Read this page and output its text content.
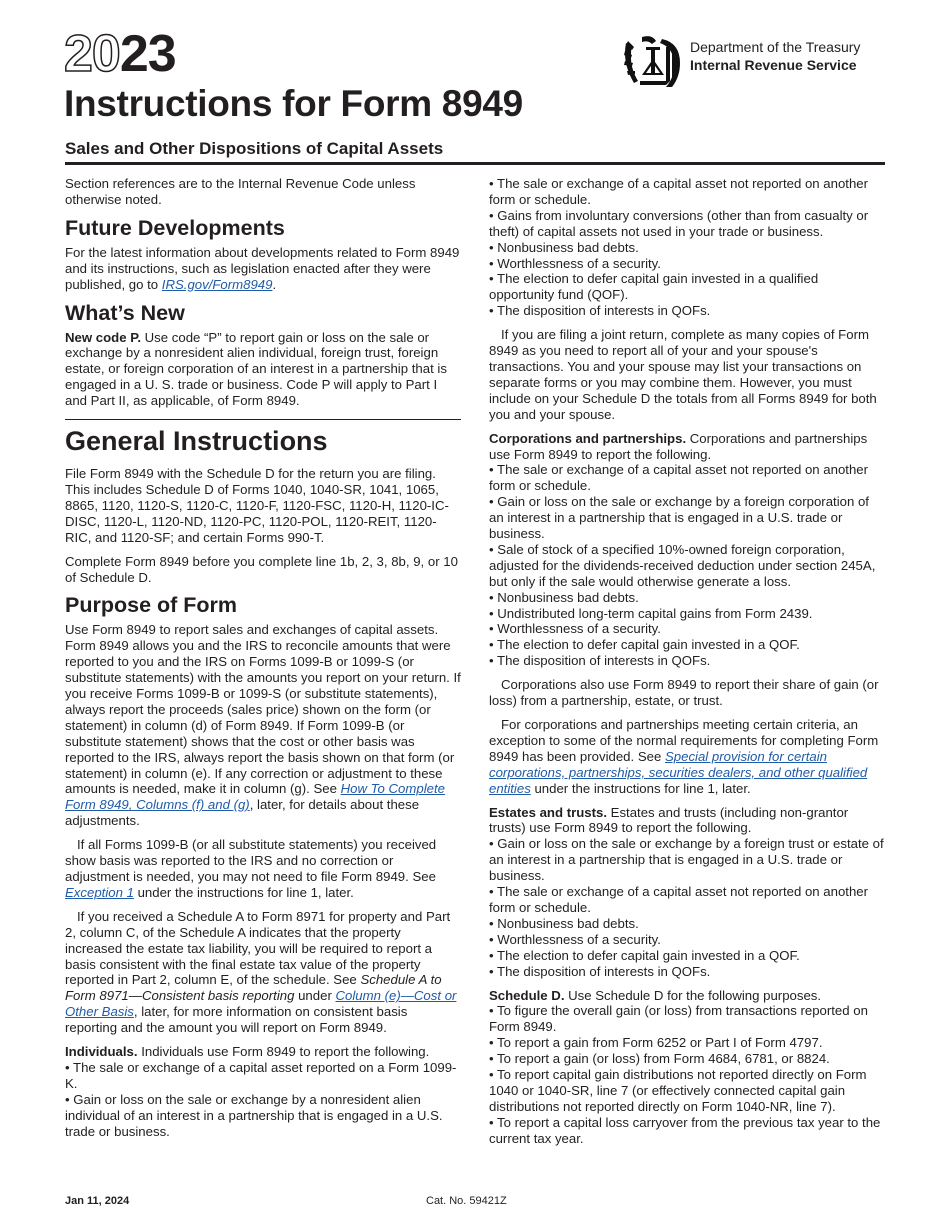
2023
Instructions for Form 8949
Sales and Other Dispositions of Capital Assets
Department of the Treasury
Internal Revenue Service

Section references are to the Internal Revenue Code unless otherwise noted.

Future Developments

For the latest information about developments related to Form 8949 and its instructions, such as legislation enacted after they were published, go to IRS.gov/Form8949.

What’s New

New code P. Use code “P” to report gain or loss on the sale or exchange by a nonresident alien individual, foreign trust, foreign estate, or foreign corporation of an interest in a partnership that is engaged in a U. S. trade or business. Code P will apply to Part I and Part II, as applicable, of Form 8949.

General Instructions

File Form 8949 with the Schedule D for the return you are filing. This includes Schedule D of Forms 1040, 1040-SR, 1041, 1065, 8865, 1120, 1120-S, 1120-C, 1120-F, 1120-FSC, 1120-H, 1120-IC-DISC, 1120-L, 1120-ND, 1120-PC, 1120-POL, 1120-REIT, 1120-RIC, and 1120-SF; and certain Forms 990-T.

Complete Form 8949 before you complete line 1b, 2, 3, 8b, 9, or 10 of Schedule D.

Purpose of Form

Use Form 8949 to report sales and exchanges of capital assets. Form 8949 allows you and the IRS to reconcile amounts that were reported to you and the IRS on Forms 1099-B or 1099-S (or substitute statements) with the amounts you report on your return. If you receive Forms 1099-B or 1099-S (or substitute statements), always report the proceeds (sales price) shown on the form (or statement) in column (d) of Form 8949. If Form 1099-B (or substitute statement) shows that the cost or other basis was reported to the IRS, always report the basis shown on that form (or statement) in column (e). If any correction or adjustment to these amounts is needed, make it in column (g). See How To Complete Form 8949, Columns (f) and (g), later, for details about these adjustments.

If all Forms 1099-B (or all substitute statements) you received show basis was reported to the IRS and no correction or adjustment is needed, you may not need to file Form 8949. See Exception 1 under the instructions for line 1, later.

If you received a Schedule A to Form 8971 for property and Part 2, column C, of the Schedule A indicates that the property increased the estate tax liability, you will be required to report a basis consistent with the final estate tax value of the property reported in Part 2, column E, of the schedule. See Schedule A to Form 8971—Consistent basis reporting under Column (e)—Cost or Other Basis, later, for more information on consistent basis reporting and the amount you will report on Form 8949.

Individuals. Individuals use Form 8949 to report the following.

• The sale or exchange of a capital asset reported on a Form 1099-K.
• Gain or loss on the sale or exchange by a nonresident alien individual of an interest in a partnership that is engaged in a U.S. trade or business.
• The sale or exchange of a capital asset not reported on another form or schedule.
• Gains from involuntary conversions (other than from casualty or theft) of capital assets not used in your trade or business.
• Nonbusiness bad debts.
• Worthlessness of a security.
• The election to defer capital gain invested in a qualified opportunity fund (QOF).
• The disposition of interests in QOFs.

If you are filing a joint return, complete as many copies of Form 8949 as you need to report all of your and your spouse's transactions. You and your spouse may list your transactions on separate forms or you may combine them. However, you must include on your Schedule D the totals from all Forms 8949 for both you and your spouse.

Corporations and partnerships. Corporations and partnerships use Form 8949 to report the following.

• The sale or exchange of a capital asset not reported on another form or schedule.
• Gain or loss on the sale or exchange by a foreign corporation of an interest in a partnership that is engaged in a U.S. trade or business.
• Sale of stock of a specified 10%-owned foreign corporation, adjusted for the dividends-received deduction under section 245A, but only if the sale would otherwise generate a loss.
• Nonbusiness bad debts.
• Undistributed long-term capital gains from Form 2439.
• Worthlessness of a security.
• The election to defer capital gain invested in a QOF.
• The disposition of interests in QOFs.

Corporations also use Form 8949 to report their share of gain (or loss) from a partnership, estate, or trust.

For corporations and partnerships meeting certain criteria, an exception to some of the normal requirements for completing Form 8949 has been provided. See Special provision for certain corporations, partnerships, securities dealers, and other qualified entities under the instructions for line 1, later.

Estates and trusts. Estates and trusts (including non-grantor trusts) use Form 8949 to report the following.

• Gain or loss on the sale or exchange by a foreign trust or estate of an interest in a partnership that is engaged in a U.S. trade or business.
• The sale or exchange of a capital asset not reported on another form or schedule.
• Nonbusiness bad debts.
• Worthlessness of a security.
• The election to defer capital gain invested in a QOF.
• The disposition of interests in QOFs.

Schedule D. Use Schedule D for the following purposes.

• To figure the overall gain (or loss) from transactions reported on Form 8949.
• To report a gain from Form 6252 or Part I of Form 4797.
• To report a gain (or loss) from Form 4684, 6781, or 8824.
• To report capital gain distributions not reported directly on Form 1040 or 1040-SR, line 7 (or effectively connected capital gain distributions not reported directly on Form 1040-NR, line 7).
• To report a capital loss carryover from the previous tax year to the current tax year.
Jan 11, 2024	Cat. No. 59421Z
